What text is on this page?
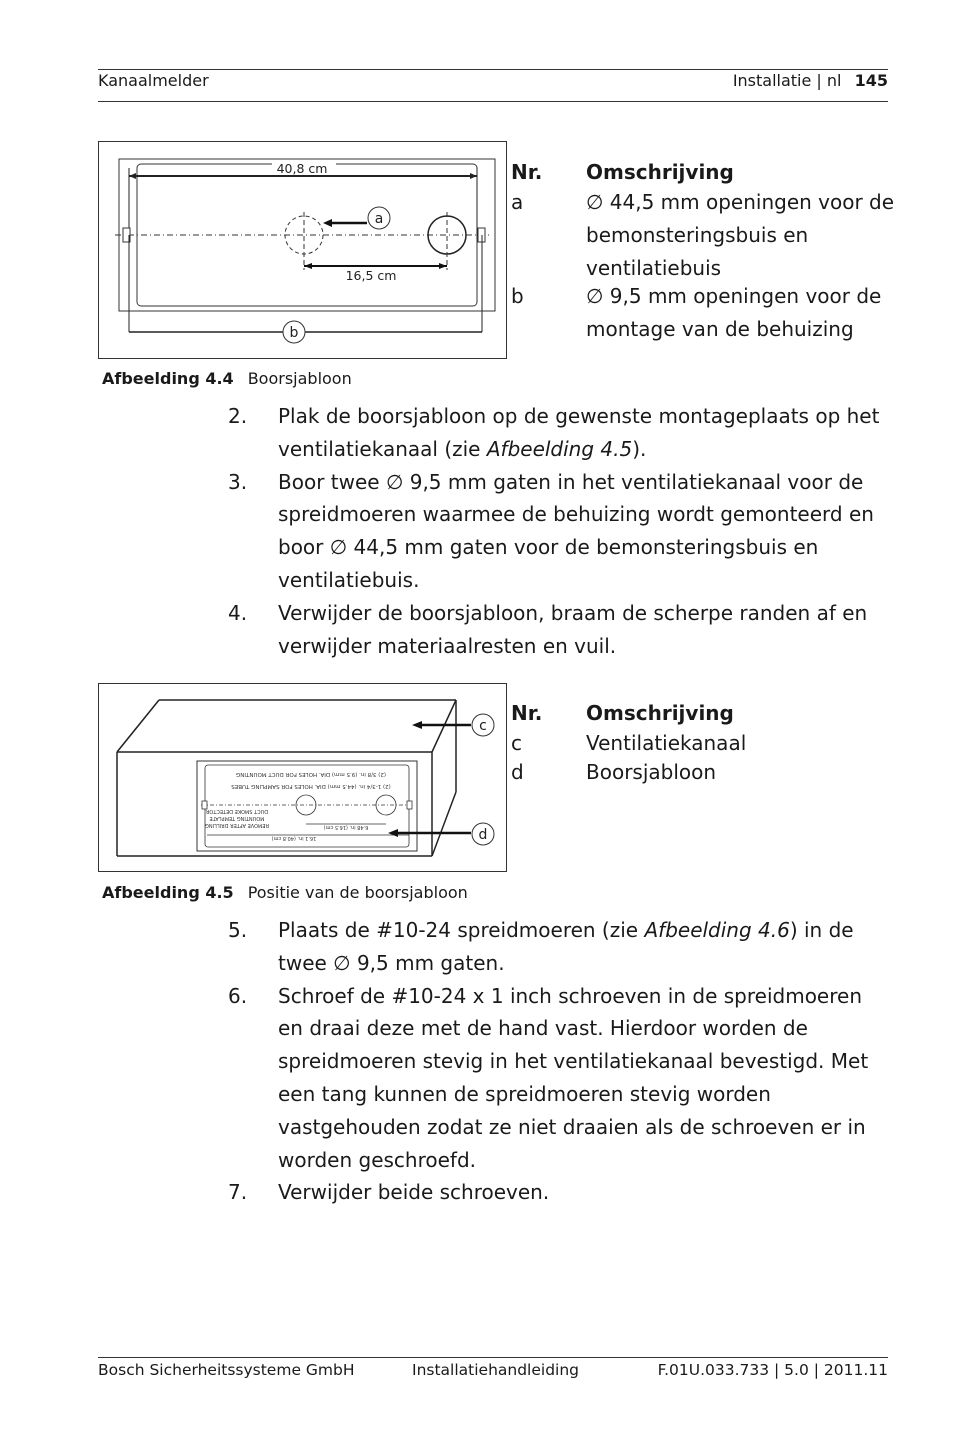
Kanaalmelder	Installatie | nl 145
40,8 cm
a
16,5 cm
b
Nr. Omschrijving
a	∅ 44,5 mm openingen voor de bemonsteringsbuis en ventilatiebuis
b	∅ 9,5 mm openingen voor de montage van de behuizing
Afbeelding 4.4 Boorsjabloon
2. Plak de boorsjabloon op de gewenste montageplaats op het ventilatiekanaal (zie Afbeelding 4.5).
3. Boor twee ∅ 9,5 mm gaten in het ventilatiekanaal voor de spreidmoeren waarmee de behuizing wordt gemonteerd en boor ∅ 44,5 mm gaten voor de bemonsteringsbuis en ventilatiebuis.
4. Verwijder de boorsjabloon, braam de scherpe randen af en verwijder materiaalresten en vuil.
(2) 3/8 in. (9.5 mm) DIA. HOLES FOR DUCT MOUNTING
(2) 1-3/4 in. (44.5 mm) DIA. HOLES FOR SAMPLING TUBES
6.48 in. (16.5 cm)
16.1 in. (40.8 cm)
DUCT SMOKE DETECTOR
MOUNTING TEMPLATE
REMOVE AFTER DRILLING
c
d
Nr. Omschrijving
c	Ventilatiekanaal
d	Boorsjabloon
Afbeelding 4.5 Positie van de boorsjabloon
5. Plaats de #10-24 spreidmoeren (zie Afbeelding 4.6) in de twee ∅ 9,5 mm gaten.
6. Schroef de #10-24 x 1 inch schroeven in de spreidmoeren en draai deze met de hand vast. Hierdoor worden de spreidmoeren stevig in het ventilatiekanaal bevestigd. Met een tang kunnen de spreidmoeren stevig worden vastgehouden zodat ze niet draaien als de schroeven er in worden geschroefd.
7. Verwijder beide schroeven.
Bosch Sicherheitssysteme GmbH	Installatiehandleiding	F.01U.033.733 | 5.0 | 2011.11
